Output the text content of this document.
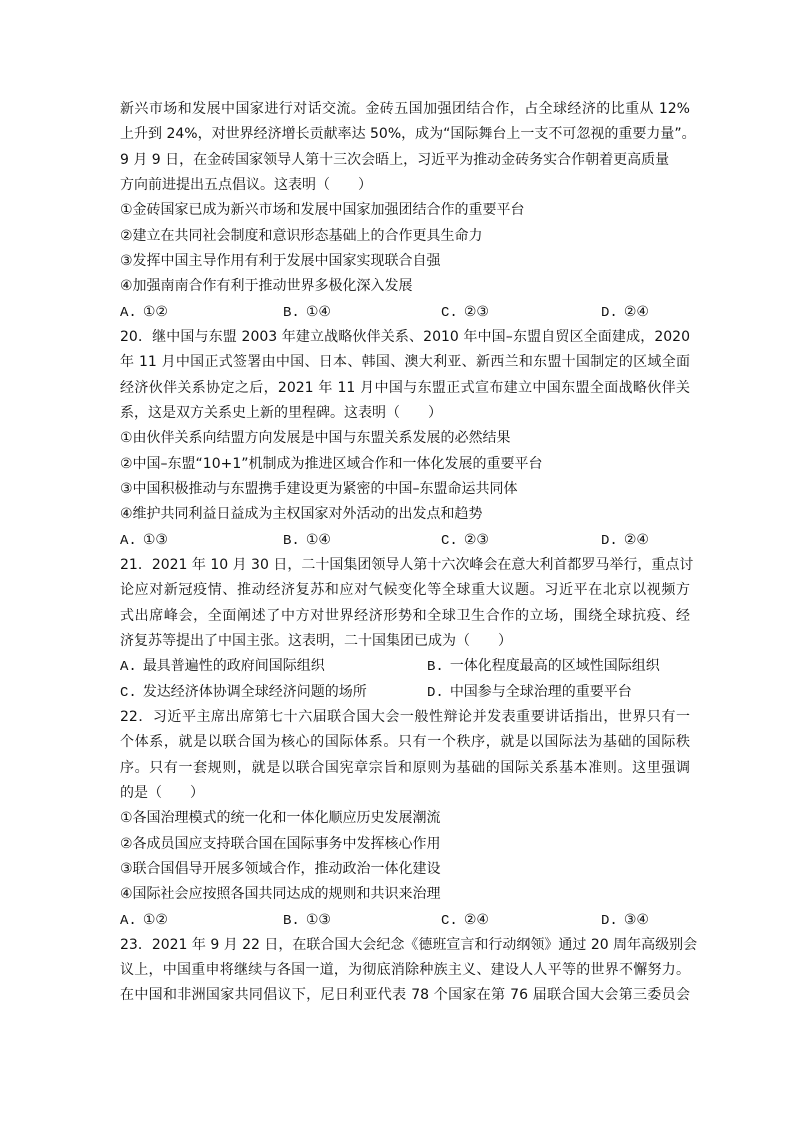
新兴市场和发展中国家进行对话交流。金砖五国加强团结合作，占全球经济的比重从 12%
上升到 24%，对世界经济增长贡献率达 50%，成为“国际舞台上一支不可忽视的重要力量”。
9 月 9 日，在金砖国家领导人第十三次会晤上，习近平为推动金砖务实合作朝着更高质量
方向前进提出五点倡议。这表明（　　）
①金砖国家已成为新兴市场和发展中国家加强团结合作的重要平台
②建立在共同社会制度和意识形态基础上的合作更具生命力
③发挥中国主导作用有利于发展中国家实现联合自强
④加强南南合作有利于推动世界多极化深入发展
A. ①②	B. ①④	C. ②③	D. ②④
20．继中国与东盟 2003 年建立战略伙伴关系、2010 年中国–东盟自贸区全面建成，2020
年 11 月中国正式签署由中国、日本、韩国、澳大利亚、新西兰和东盟十国制定的区域全面
经济伙伴关系协定之后，2021 年 11 月中国与东盟正式宣布建立中国东盟全面战略伙伴关
系，这是双方关系史上新的里程碑。这表明（　　）
①由伙伴关系向结盟方向发展是中国与东盟关系发展的必然结果
②中国–东盟“10+1”机制成为推进区域合作和一体化发展的重要平台
③中国积极推动与东盟携手建设更为紧密的中国–东盟命运共同体
④维护共同利益日益成为主权国家对外活动的出发点和趋势
A. ①③	B. ①④	C. ②③	D. ②④
21．2021 年 10 月 30 日，二十国集团领导人第十六次峰会在意大利首都罗马举行，重点讨
论应对新冠疫情、推动经济复苏和应对气候变化等全球重大议题。习近平在北京以视频方
式出席峰会，全面阐述了中方对世界经济形势和全球卫生合作的立场，围绕全球抗疫、经
济复苏等提出了中国主张。这表明，二十国集团已成为（　　）
A. 最具普遍性的政府间国际组织	B. 一体化程度最高的区域性国际组织
C. 发达经济体协调全球经济问题的场所	D. 中国参与全球治理的重要平台
22．习近平主席出席第七十六届联合国大会一般性辩论并发表重要讲话指出，世界只有一
个体系，就是以联合国为核心的国际体系。只有一个秩序，就是以国际法为基础的国际秩
序。只有一套规则，就是以联合国宪章宗旨和原则为基础的国际关系基本准则。这里强调
的是（　　）
①各国治理模式的统一化和一体化顺应历史发展潮流
②各成员国应支持联合国在国际事务中发挥核心作用
③联合国倡导开展多领域合作，推动政治一体化建设
④国际社会应按照各国共同达成的规则和共识来治理
A. ①②	B. ①③	C. ②④	D. ③④
23．2021 年 9 月 22 日，在联合国大会纪念《德班宣言和行动纲领》通过 20 周年高级别会
议上，中国重申将继续与各国一道，为彻底消除种族主义、建设人人平等的世界不懈努力。
在中国和非洲国家共同倡议下，尼日利亚代表 78 个国家在第 76 届联合国大会第三委员会
